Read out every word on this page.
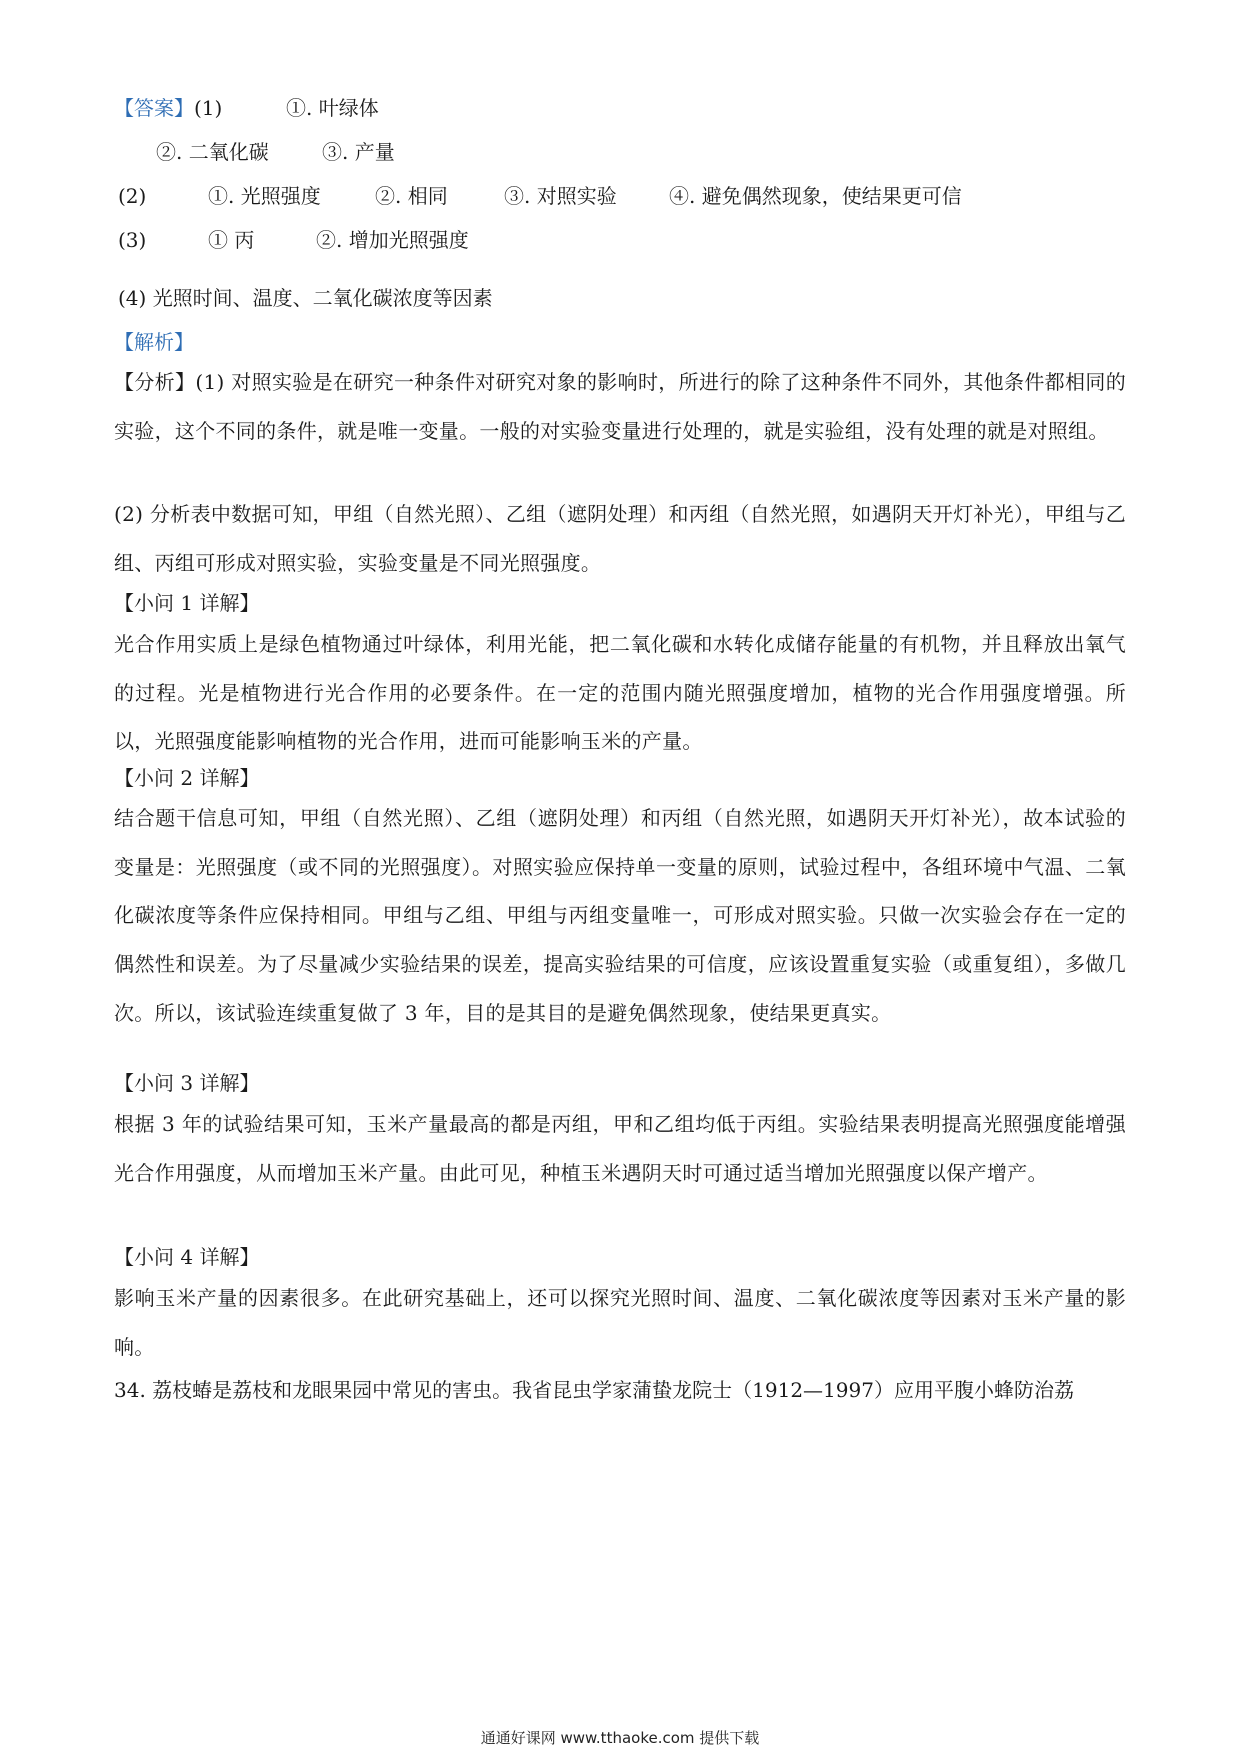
【答案】(1)	①. 叶绿体
②. 二氧化碳	③. 产量
(2)	①. 光照强度	②. 相同	③. 对照实验	④. 避免偶然现象，使结果更可信
(3)	① 丙	②. 增加光照强度
(4) 光照时间、温度、二氧化碳浓度等因素
【解析】
【分析】(1) 对照实验是在研究一种条件对研究对象的影响时，所进行的除了这种条件不同外，其他条件都相同的实验，这个不同的条件，就是唯一变量。一般的对实验变量进行处理的，就是实验组，没有处理的就是对照组。
(2) 分析表中数据可知，甲组（自然光照）、乙组（遮阴处理）和丙组（自然光照，如遇阴天开灯补光），甲组与乙组、丙组可形成对照实验，实验变量是不同光照强度。
【小问 1 详解】
光合作用实质上是绿色植物通过叶绿体，利用光能，把二氧化碳和水转化成储存能量的有机物，并且释放出氧气的过程。光是植物进行光合作用的必要条件。在一定的范围内随光照强度增加，植物的光合作用强度增强。所以，光照强度能影响植物的光合作用，进而可能影响玉米的产量。
【小问 2 详解】
结合题干信息可知，甲组（自然光照）、乙组（遮阴处理）和丙组（自然光照，如遇阴天开灯补光），故本试验的变量是：光照强度（或不同的光照强度）。对照实验应保持单一变量的原则，试验过程中，各组环境中气温、二氧化碳浓度等条件应保持相同。甲组与乙组、甲组与丙组变量唯一，可形成对照实验。只做一次实验会存在一定的偶然性和误差。为了尽量减少实验结果的误差，提高实验结果的可信度，应该设置重复实验（或重复组），多做几次。所以，该试验连续重复做了 3 年，目的是其目的是避免偶然现象，使结果更真实。
【小问 3 详解】
根据 3 年的试验结果可知，玉米产量最高的都是丙组，甲和乙组均低于丙组。实验结果表明提高光照强度能增强光合作用强度，从而增加玉米产量。由此可见，种植玉米遇阴天时可通过适当增加光照强度以保产增产。
【小问 4 详解】
影响玉米产量的因素很多。在此研究基础上，还可以探究光照时间、温度、二氧化碳浓度等因素对玉米产量的影响。
34. 荔枝蝽是荔枝和龙眼果园中常见的害虫。我省昆虫学家蒲蛰龙院士（1912—1997）应用平腹小蜂防治荔
通通好课网 www.tthaoke.com 提供下载
